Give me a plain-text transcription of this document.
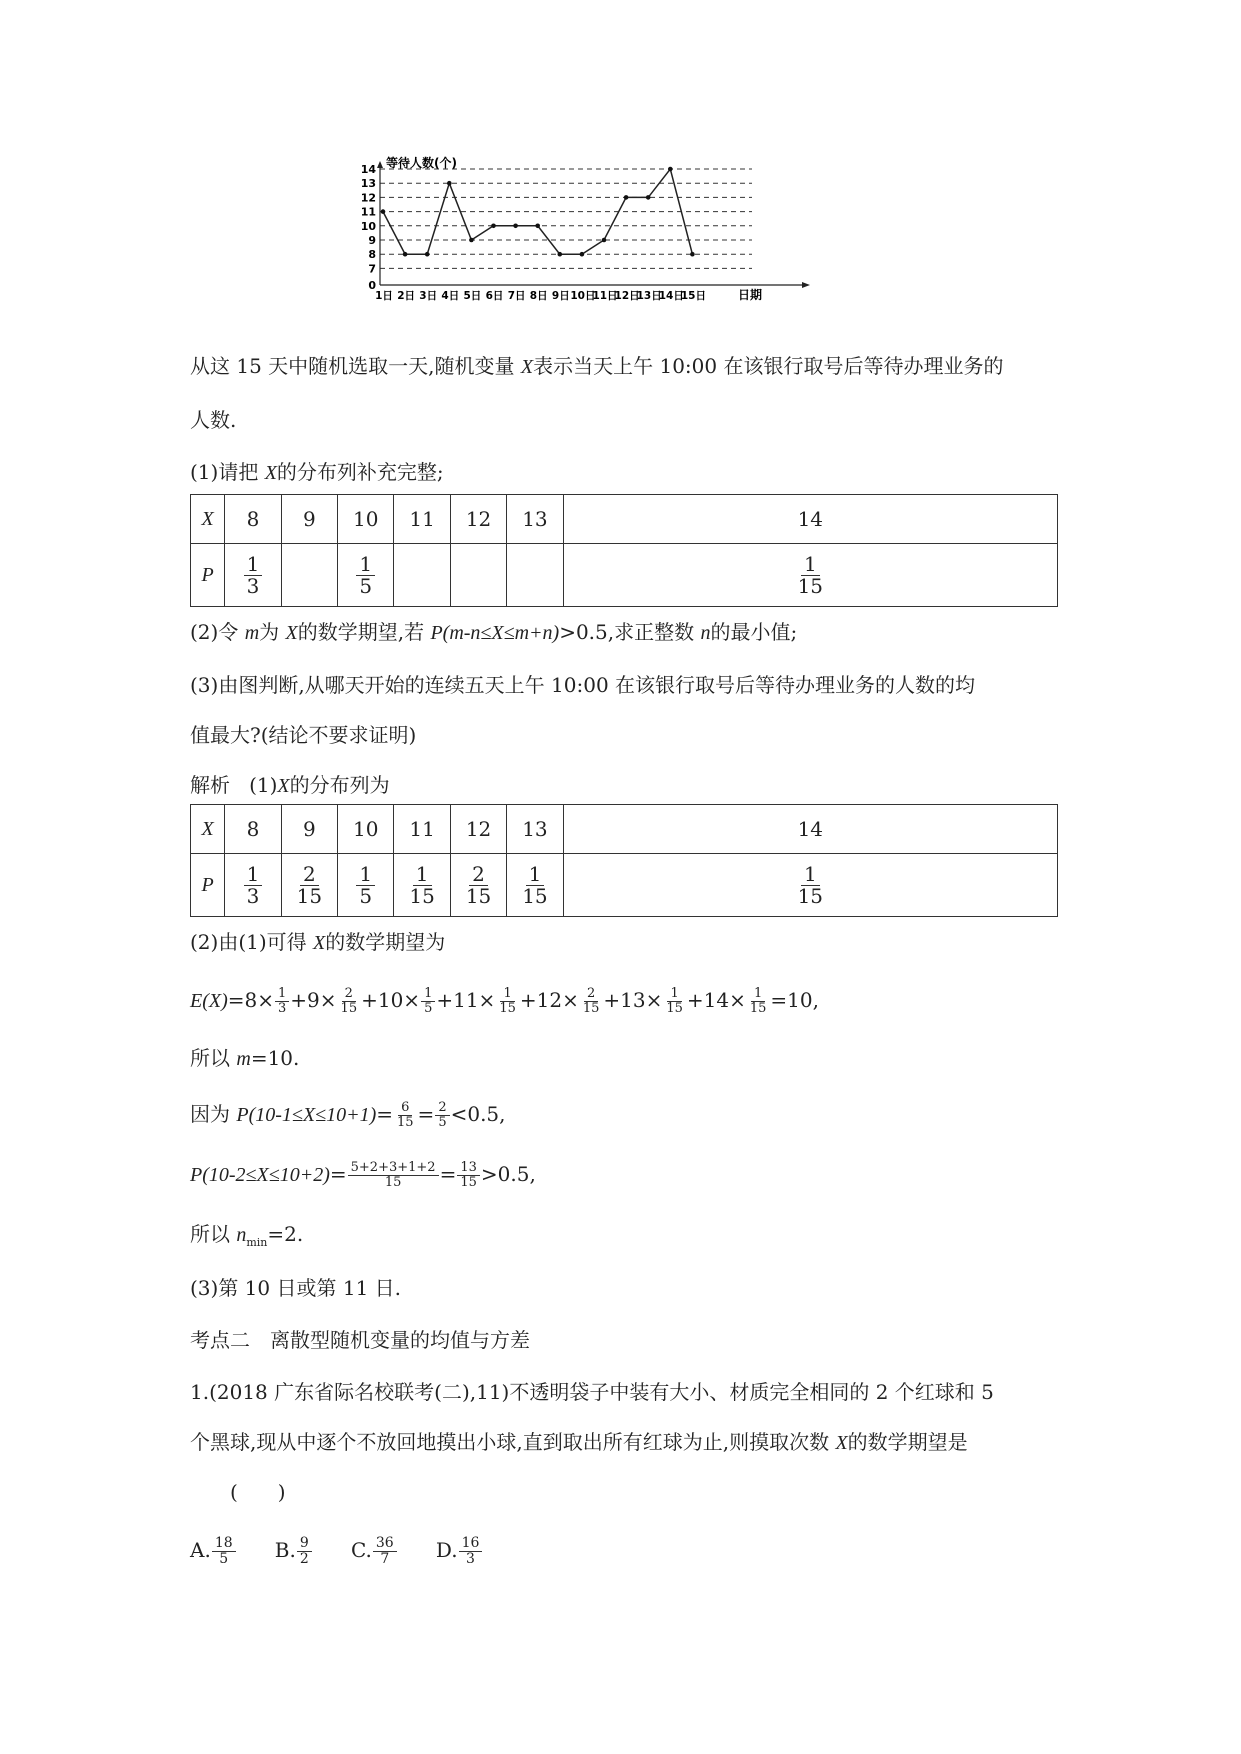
14
13
12
11
10
9
8
7
0
1日 2日 3日 4日 5日 6日 7日 8日 9日 10日
11日
12日
13日
14日
15日
等待人数(个)
日期
从这 15 天中随机选取一天,随机变量 X表示当天上午 10:00 在该银行取号后等待办理业务的
人数.
(1)请把 X的分布列补充完整;
X	8	9	10	11	12	13	14
P	$\frac{1}{3}$		$\frac{1}{5}$				$\frac{1}{15}$
(2)令 m为 X的数学期望,若 P(m-n≤X≤m+n)>0.5,求正整数 n的最小值;
(3)由图判断,从哪天开始的连续五天上午 10:00 在该银行取号后等待办理业务的人数的均
值最大?(结论不要求证明)
解析 (1)X的分布列为
X	8	9	10	11	12	13	14
P	$\frac{1}{3}$	$\frac{2}{15}$	$\frac{1}{5}$	$\frac{1}{15}$	$\frac{2}{15}$	$\frac{1}{15}$	$\frac{1}{15}$
(2)由(1)可得 X的数学期望为
$E(X)=8\times \frac{1}{3} +9\times \frac{2}{15} +10\times \frac{1}{5} +11\times \frac{1}{15} +12\times \frac{2}{15} +13\times \frac{1}{15} +14\times \frac{1}{15} =10$,
所以 m=10.
因为 $P(10-1\le X\le 10+1)= \frac{6}{15} = \frac{2}{5} <0.5$,
$P(10-2\le X\le 10+2)= \frac{5+2+3+1+2}{15} = \frac{13}{15} >0.5$,
所以 $n_{min}=2$.
(3)第 10 日或第 11 日.
考点二　离散型随机变量的均值与方差
1.(2018 广东省际名校联考(二),11)不透明袋子中装有大小、材质完全相同的 2 个红球和 5
个黑球,现从中逐个不放回地摸出小球,直到取出所有红球为止,则摸取次数 X的数学期望是
(　　)
A. $\frac{18}{5} B$. $\frac{9}{2} C$. $\frac{36}{7} D$. $\frac{16}{3}$
